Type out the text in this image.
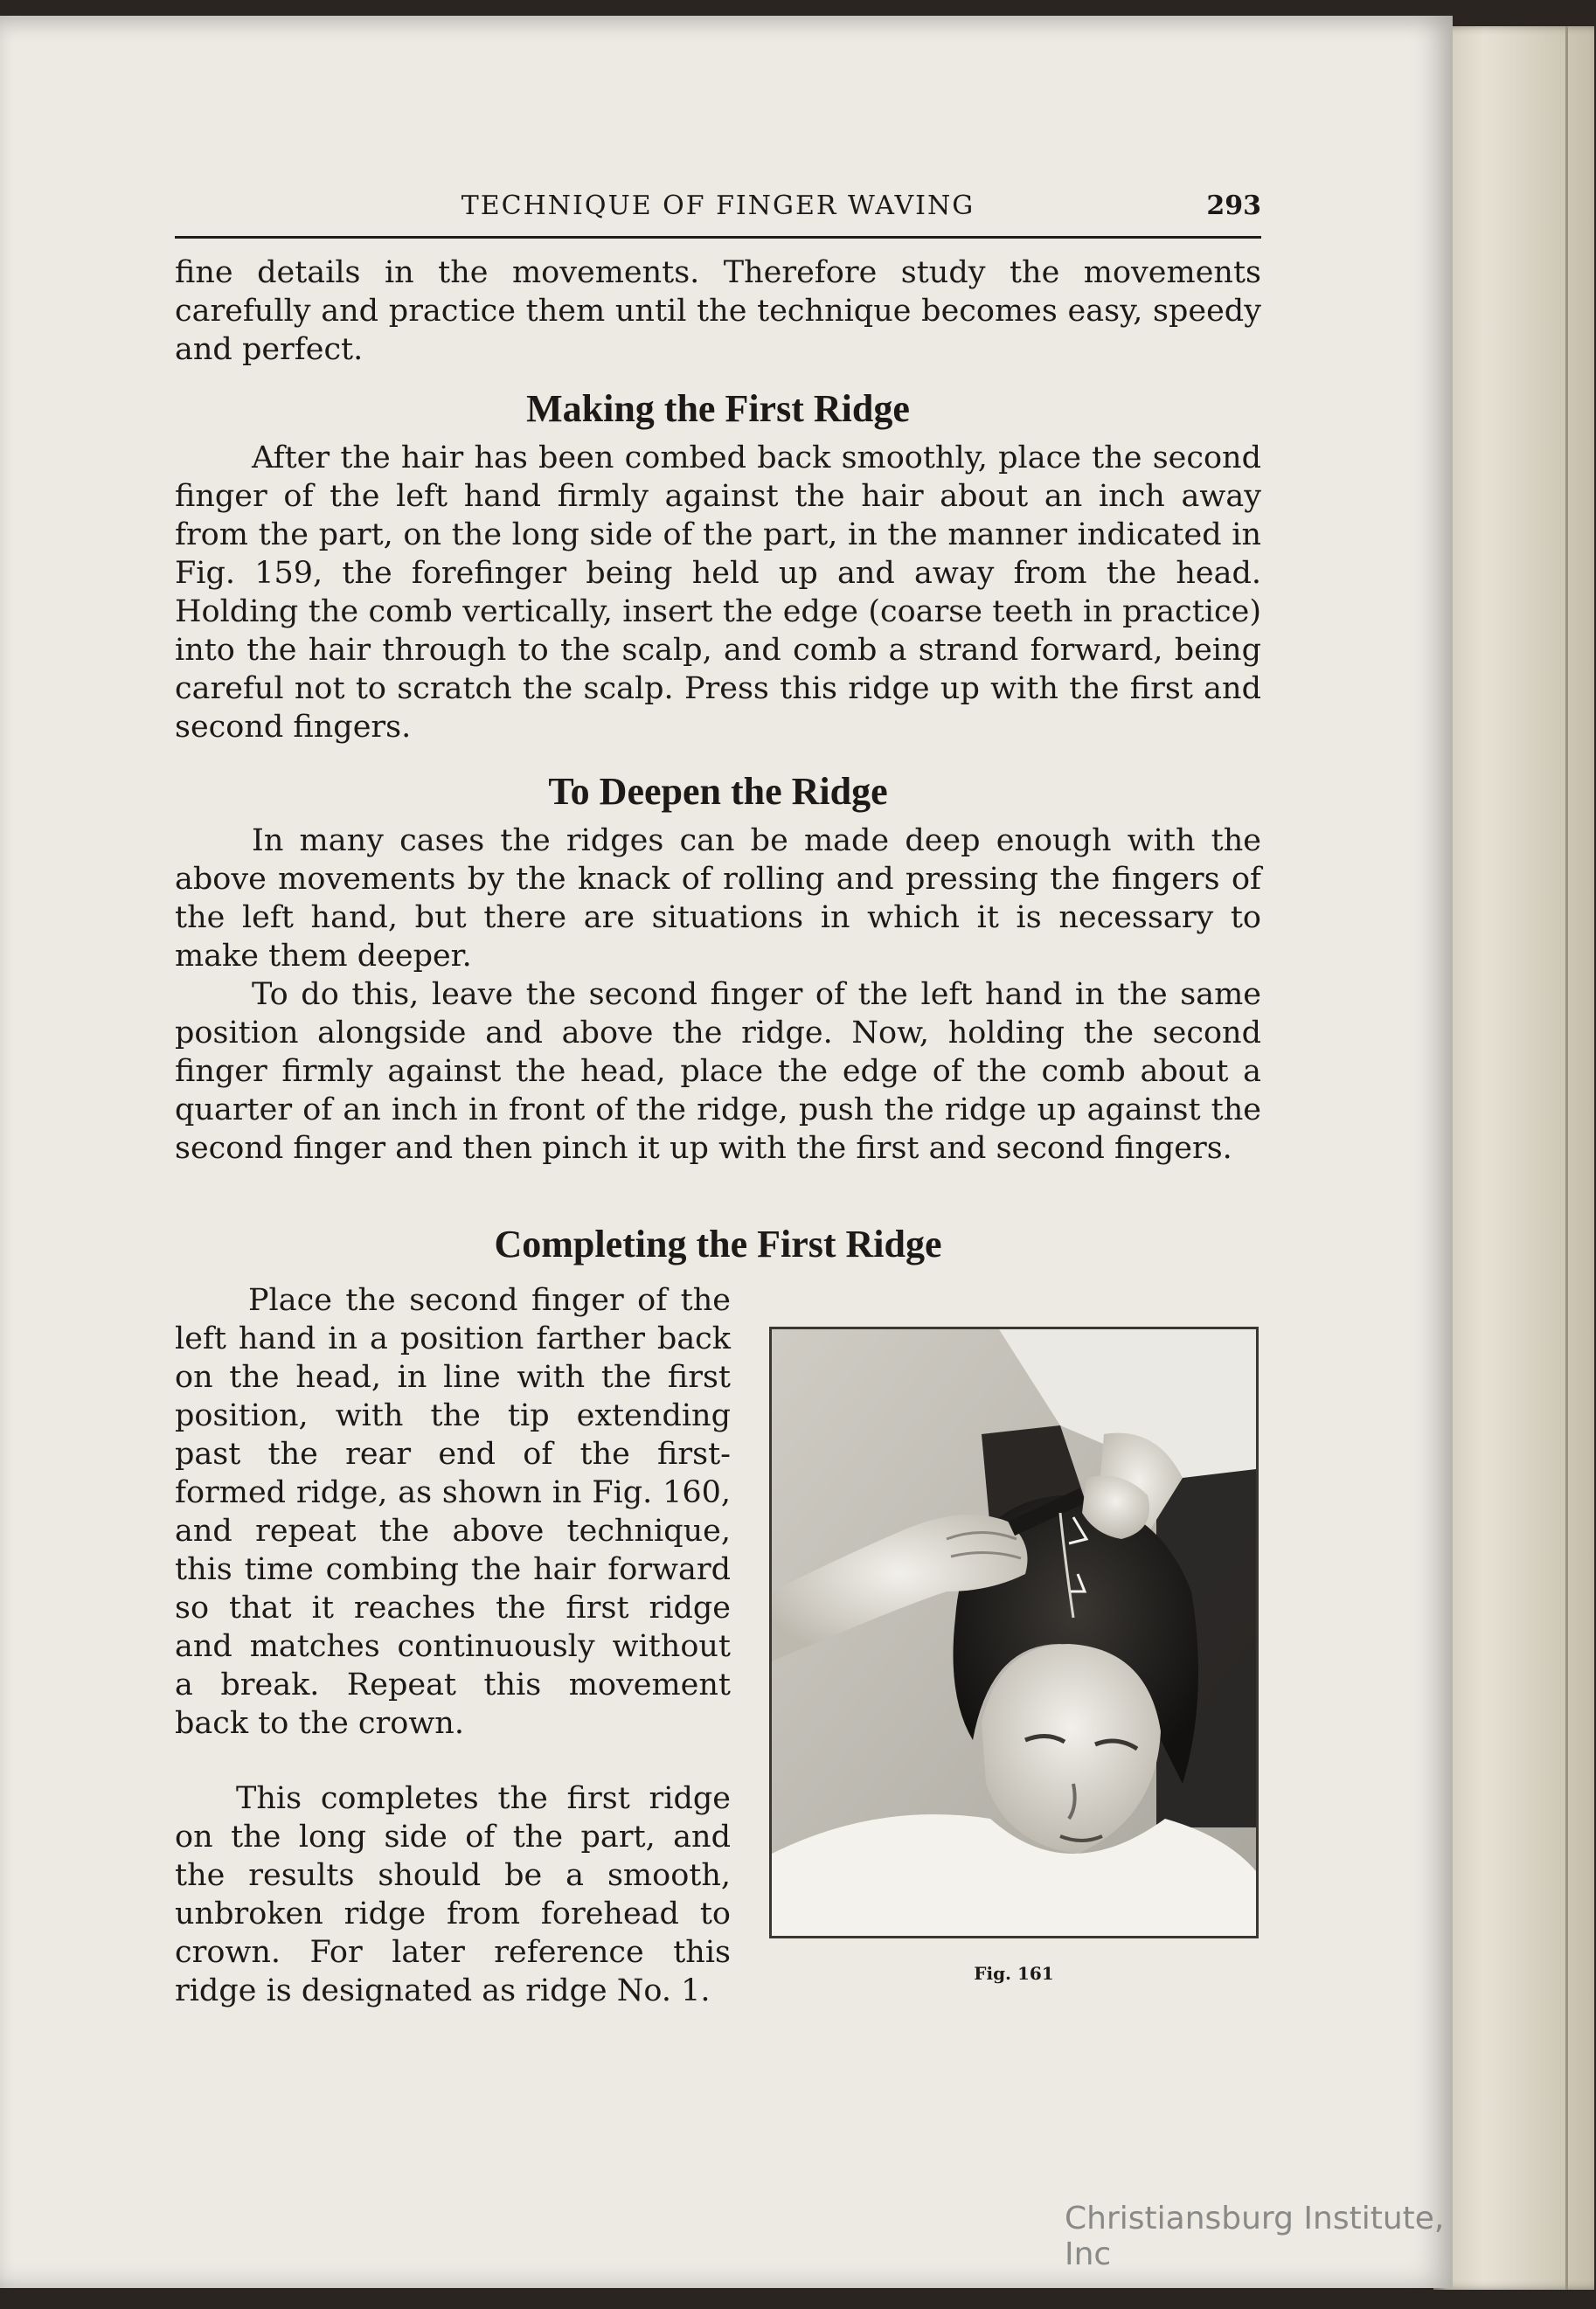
TECHNIQUE OF FINGER WAVING	293

fine details in the movements. Therefore study the movements carefully and practice them until the technique becomes easy, speedy and perfect.

Making the First Ridge

After the hair has been combed back smoothly, place the second finger of the left hand firmly against the hair about an inch away from the part, on the long side of the part, in the manner indicated in Fig. 159, the forefinger being held up and away from the head. Holding the comb vertically, insert the edge (coarse teeth in practice) into the hair through to the scalp, and comb a strand forward, being careful not to scratch the scalp. Press this ridge up with the first and second fingers.

To Deepen the Ridge

In many cases the ridges can be made deep enough with the above movements by the knack of rolling and pressing the fingers of the left hand, but there are situations in which it is necessary to make them deeper.

To do this, leave the second finger of the left hand in the same position alongside and above the ridge. Now, holding the second finger firmly against the head, place the edge of the comb about a quarter of an inch in front of the ridge, push the ridge up against the second finger and then pinch it up with the first and second fingers.

Completing the First Ridge

Place the second finger of the left hand in a position farther back on the head, in line with the first position, with the tip extending past the rear end of the first-formed ridge, as shown in Fig. 160, and repeat the above technique, this time combing the hair forward so that it reaches the first ridge and matches continuously without a break. Repeat this movement back to the crown.

This completes the first ridge on the long side of the part, and the results should be a smooth, unbroken ridge from forehead to crown. For later reference this ridge is designated as ridge No. 1.	Fig. 161
Christiansburg Institute, Inc
